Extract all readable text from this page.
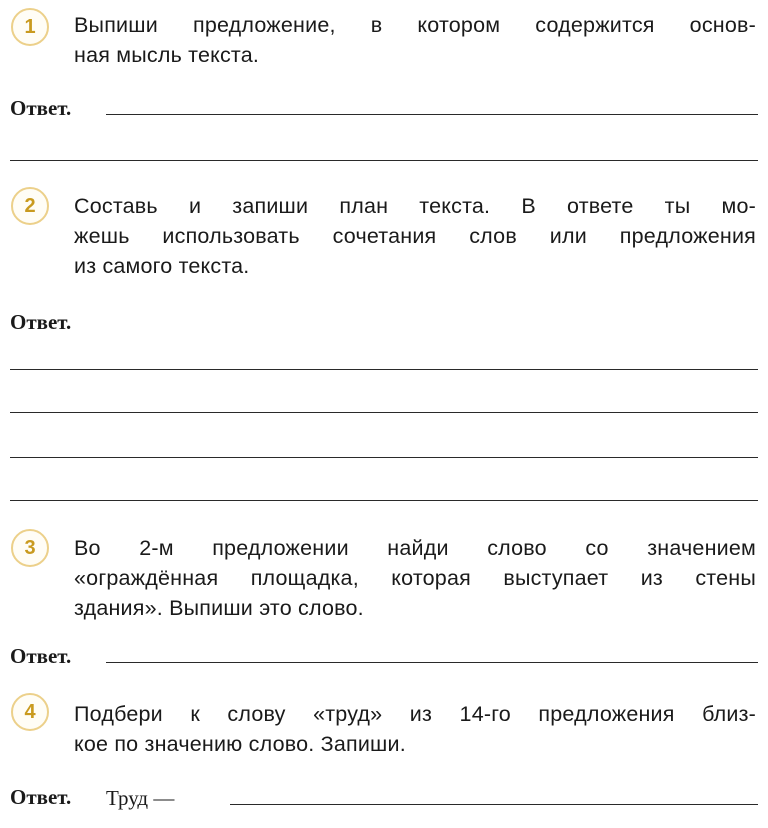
1	Выпиши предложение, в котором содержится основ-
ная мысль текста.

Ответ.
2	Составь и запиши план текста. В ответе ты мо-
жешь использовать сочетания слов или предложения
из самого текста.

Ответ.
3	Во 2-м предложении найди слово со значением
«ограждённая площадка, которая выступает из стены
здания». Выпиши это слово.

Ответ.
4	Подбери к слову «труд» из 14-го предложения близ-
кое по значению слово. Запиши.

Ответ. Труд —
